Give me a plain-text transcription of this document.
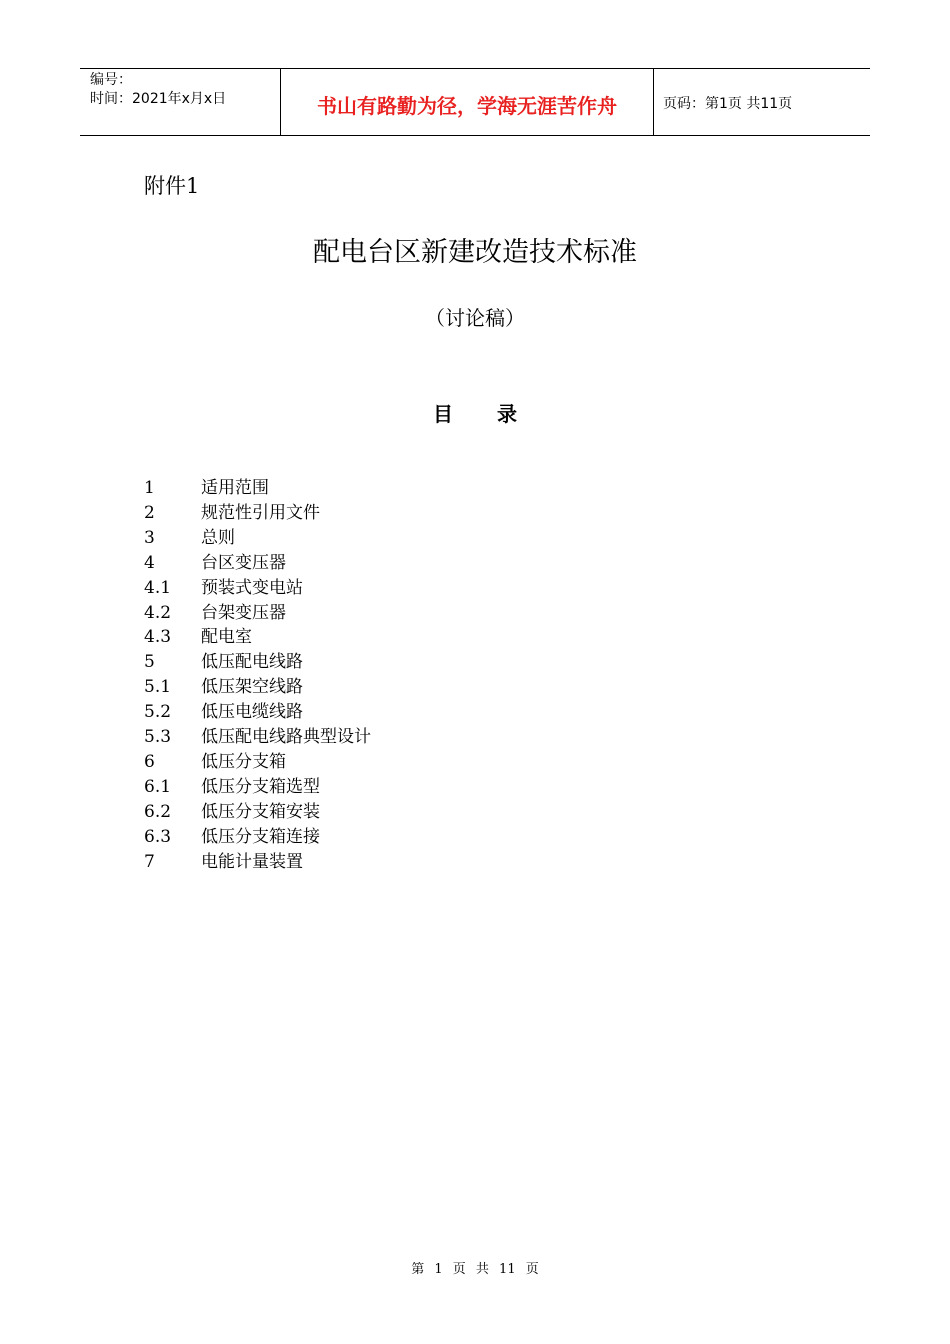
编号：
时间：2021年x月x日	书山有路勤为径，学海无涯苦作舟	页码：第1页 共11页
附件1
配电台区新建改造技术标准
（讨论稿）
目录
1	适用范围
2	规范性引用文件
3	总则
4	台区变压器
4.1	预装式变电站
4.2	台架变压器
4.3	配电室
5	低压配电线路
5.1	低压架空线路
5.2	低压电缆线路
5.3	低压配电线路典型设计
6	低压分支箱
6.1	低压分支箱选型
6.2	低压分支箱安装
6.3	低压分支箱连接
7	电能计量装置
第 1 页 共 11 页
